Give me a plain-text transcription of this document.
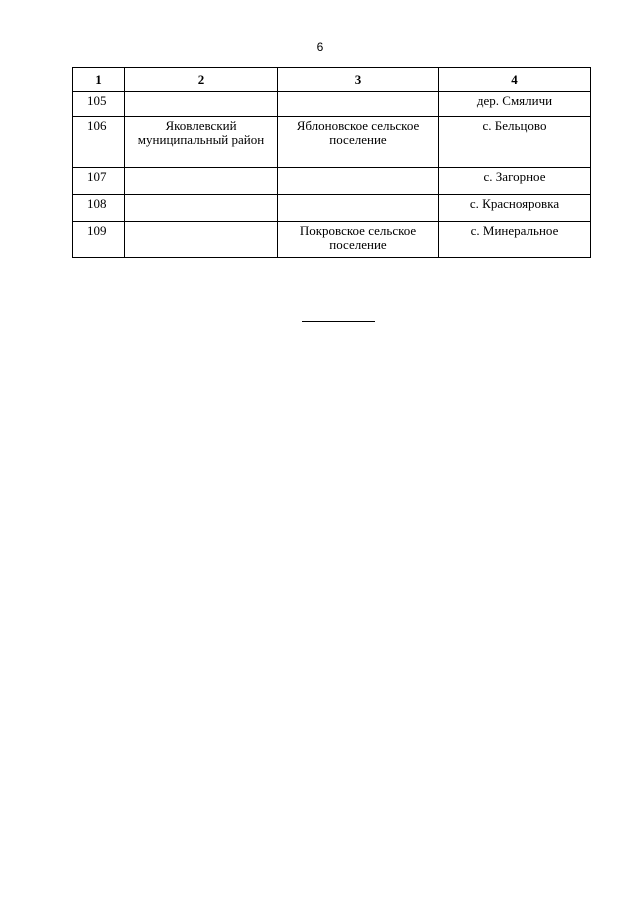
6
1	2	3	4
105			дер. Смяличи
106	Яковлевский муниципальный район	Яблоновское сельское поселение	с. Бельцово
107			с. Загорное
108			с. Краснояровка
109		Покровское сельское поселение	с. Минеральное
